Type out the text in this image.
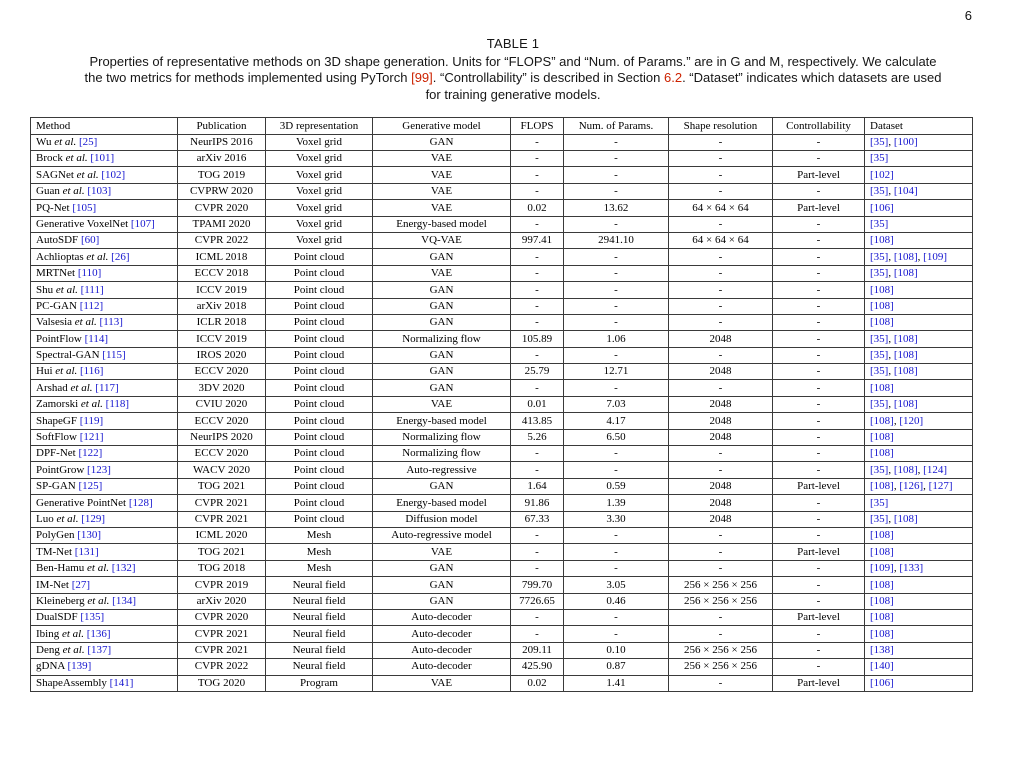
6
TABLE 1
Properties of representative methods on 3D shape generation. Units for “FLOPS” and “Num. of Params.” are in G and M, respectively. We calculate the two metrics for methods implemented using PyTorch [99]. “Controllability” is described in Section 6.2. “Dataset” indicates which datasets are used for training generative models.
Method	Publication	3D representation	Generative model	FLOPS	Num. of Params.	Shape resolution	Controllability	Dataset
Wu et al. [25]	NeurIPS 2016	Voxel grid	GAN	-	-	-	-	[35], [100]
Brock et al. [101]	arXiv 2016	Voxel grid	VAE	-	-	-	-	[35]
SAGNet et al. [102]	TOG 2019	Voxel grid	VAE	-	-	-	Part-level	[102]
Guan et al. [103]	CVPRW 2020	Voxel grid	VAE	-	-	-	-	[35], [104]
PQ-Net [105]	CVPR 2020	Voxel grid	VAE	0.02	13.62	64 × 64 × 64	Part-level	[106]
Generative VoxelNet [107]	TPAMI 2020	Voxel grid	Energy-based model	-	-	-	-	[35]
AutoSDF [60]	CVPR 2022	Voxel grid	VQ-VAE	997.41	2941.10	64 × 64 × 64	-	[108]
Achlioptas et al. [26]	ICML 2018	Point cloud	GAN	-	-	-	-	[35], [108], [109]
MRTNet [110]	ECCV 2018	Point cloud	VAE	-	-	-	-	[35], [108]
Shu et al. [111]	ICCV 2019	Point cloud	GAN	-	-	-	-	[108]
PC-GAN [112]	arXiv 2018	Point cloud	GAN	-	-	-	-	[108]
Valsesia et al. [113]	ICLR 2018	Point cloud	GAN	-	-	-	-	[108]
PointFlow [114]	ICCV 2019	Point cloud	Normalizing flow	105.89	1.06	2048	-	[35], [108]
Spectral-GAN [115]	IROS 2020	Point cloud	GAN	-	-	-	-	[35], [108]
Hui et al. [116]	ECCV 2020	Point cloud	GAN	25.79	12.71	2048	-	[35], [108]
Arshad et al. [117]	3DV 2020	Point cloud	GAN	-	-	-	-	[108]
Zamorski et al. [118]	CVIU 2020	Point cloud	VAE	0.01	7.03	2048	-	[35], [108]
ShapeGF [119]	ECCV 2020	Point cloud	Energy-based model	413.85	4.17	2048	-	[108], [120]
SoftFlow [121]	NeurIPS 2020	Point cloud	Normalizing flow	5.26	6.50	2048	-	[108]
DPF-Net [122]	ECCV 2020	Point cloud	Normalizing flow	-	-	-	-	[108]
PointGrow [123]	WACV 2020	Point cloud	Auto-regressive	-	-	-	-	[35], [108], [124]
SP-GAN [125]	TOG 2021	Point cloud	GAN	1.64	0.59	2048	Part-level	[108], [126], [127]
Generative PointNet [128]	CVPR 2021	Point cloud	Energy-based model	91.86	1.39	2048	-	[35]
Luo et al. [129]	CVPR 2021	Point cloud	Diffusion model	67.33	3.30	2048	-	[35], [108]
PolyGen [130]	ICML 2020	Mesh	Auto-regressive model	-	-	-	-	[108]
TM-Net [131]	TOG 2021	Mesh	VAE	-	-	-	Part-level	[108]
Ben-Hamu et al. [132]	TOG 2018	Mesh	GAN	-	-	-	-	[109], [133]
IM-Net [27]	CVPR 2019	Neural field	GAN	799.70	3.05	256 × 256 × 256	-	[108]
Kleineberg et al. [134]	arXiv 2020	Neural field	GAN	7726.65	0.46	256 × 256 × 256	-	[108]
DualSDF [135]	CVPR 2020	Neural field	Auto-decoder	-	-	-	Part-level	[108]
Ibing et al. [136]	CVPR 2021	Neural field	Auto-decoder	-	-	-	-	[108]
Deng et al. [137]	CVPR 2021	Neural field	Auto-decoder	209.11	0.10	256 × 256 × 256	-	[138]
gDNA [139]	CVPR 2022	Neural field	Auto-decoder	425.90	0.87	256 × 256 × 256	-	[140]
ShapeAssembly [141]	TOG 2020	Program	VAE	0.02	1.41	-	Part-level	[106]
